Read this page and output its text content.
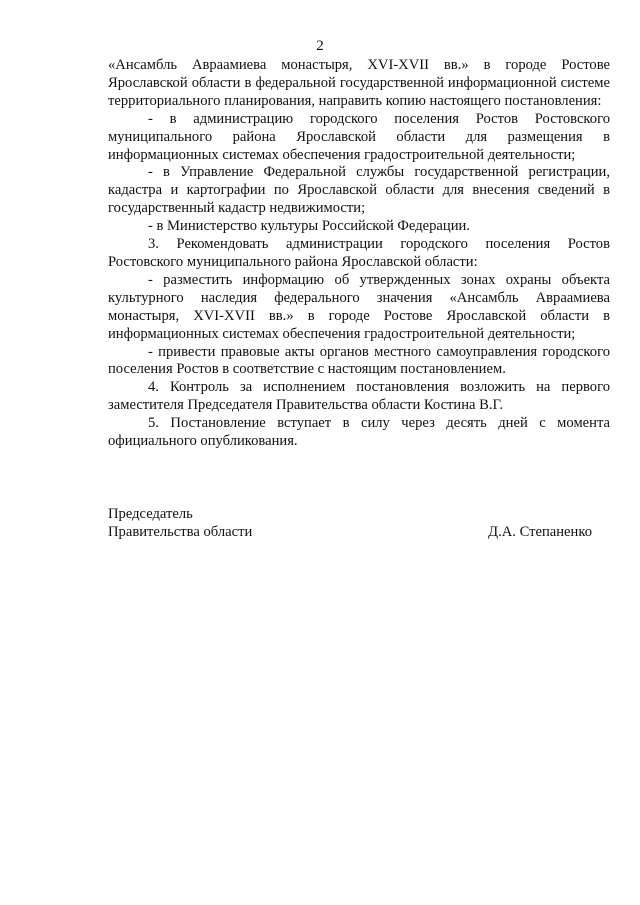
2

«Ансамбль Авраамиева монастыря, XVI-XVII вв.» в городе Ростове Ярославской области в федеральной государственной информационной системе территориального планирования, направить копию настоящего постановления:

- в администрацию городского поселения Ростов Ростовского муниципального района Ярославской области для размещения в информационных системах обеспечения градостроительной деятельности;

- в Управление Федеральной службы государственной регистрации, кадастра и картографии по Ярославской области для внесения сведений в государственный кадастр недвижимости;

- в Министерство культуры Российской Федерации.

3. Рекомендовать администрации городского поселения Ростов Ростовского муниципального района Ярославской области:

- разместить информацию об утвержденных зонах охраны объекта культурного наследия федерального значения «Ансамбль Авраамиева монастыря, XVI-XVII вв.» в городе Ростове Ярославской области в информационных системах обеспечения градостроительной деятельности;

- привести правовые акты органов местного самоуправления городского поселения Ростов в соответствие с настоящим постановлением.

4. Контроль за исполнением постановления возложить на первого заместителя Председателя Правительства области Костина В.Г.

5. Постановление вступает в силу через десять дней с момента официального опубликования.

Председатель
Правительства области	Д.А. Степаненко
